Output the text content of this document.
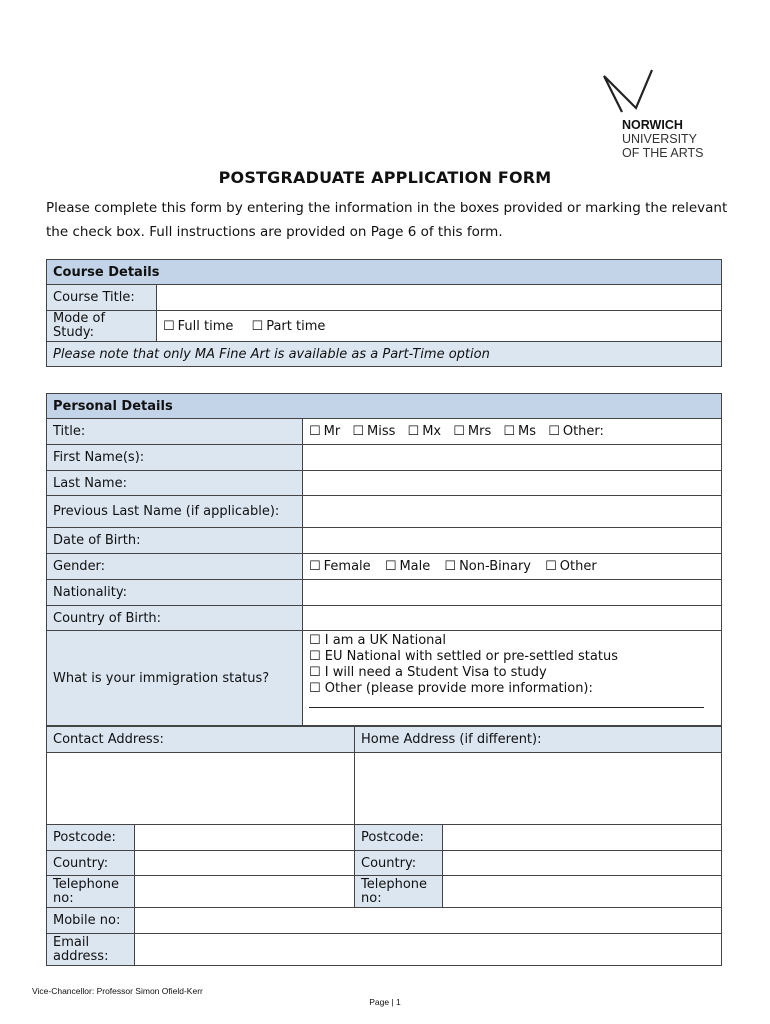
NORWICH
UNIVERSITY
OF THE ARTS
POSTGRADUATE APPLICATION FORM
Please complete this form by entering the information in the boxes provided or marking the relevant the check box. Full instructions are provided on Page 6 of this form.
Course Details	
Course Title:	
Mode of Study:	☐ Full time ☐ Part time
Please note that only MA Fine Art is available as a Part-Time option	
Personal Details	
Title:	☐ Mr ☐ Miss ☐ Mx ☐ Mrs ☐ Ms ☐ Other:
First Name(s):	
Last Name:	
Previous Last Name (if applicable):	
Date of Birth:	
Gender:	☐ Female ☐ Male ☐ Non-Binary ☐ Other
Nationality:	
Country of Birth:	
What is your immigration status?	☐ I am a UK National
☐ EU National with settled or pre-settled status
☐ I will need a Student Visa to study
☐ Other (please provide more information):
Contact Address:		Home Address (if different):	

Postcode:		Postcode:	
Country:		Country:	
Telephone no:		Telephone no:	
Mobile no:			
Email address:			
Vice-Chancellor: Professor Simon Ofield-Kerr
Page | 1
